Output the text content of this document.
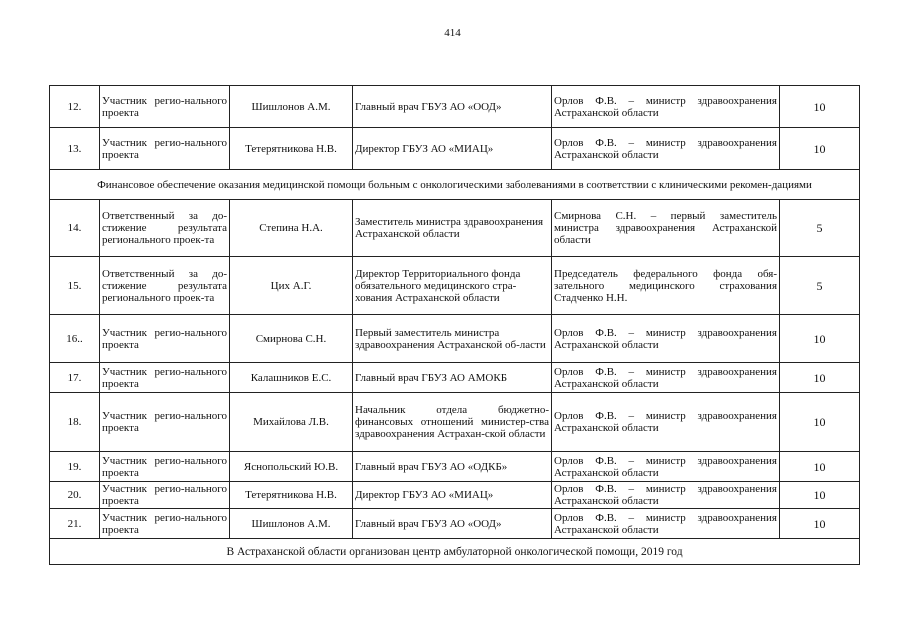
414
12.	Участник регио-нального проекта	Шишлонов А.М.	Главный врач ГБУЗ АО «ООД»	Орлов Ф.В. – министр здравоохранения Астраханской области	10
13.	Участник регио-нального проекта	Тетерятникова Н.В.	Директор ГБУЗ АО «МИАЦ»	Орлов Ф.В. – министр здравоохранения Астраханской области	10
Финансовое обеспечение оказания медицинской помощи больным с онкологическими заболеваниями в соответствии с клиническими рекомен-дациями					
14.	Ответственный за до-стижение результата регионального проек-та	Степина Н.А.	Заместитель министра здравоохранения Астраханской области	Смирнова С.Н. – первый заместитель министра здравоохранения Астраханской области	5
15.	Ответственный за до-стижение результата регионального проек-та	Цих А.Г.	Директор Территориального фонда обязательного медицинского стра-хования Астраханской области	Председатель федерального фонда обя-зательного медицинского страхования Стадченко Н.Н.	5
16..	Участник регио-нального проекта	Смирнова С.Н.	Первый заместитель министра здравоохранения Астраханской об-ласти	Орлов Ф.В. – министр здравоохранения Астраханской области	10
17.	Участник регио-нального проекта	Калашников Е.С.	Главный врач ГБУЗ АО АМОКБ	Орлов Ф.В. – министр здравоохранения Астраханской области	10
18.	Участник регио-нального проекта	Михайлова Л.В.	Начальник отдела бюджетно-финансовых отношений министер-ства здравоохранения Астрахан-ской области	Орлов Ф.В. – министр здравоохранения Астраханской области	10
19.	Участник регио-нального проекта	Яснопольский Ю.В.	Главный врач ГБУЗ АО «ОДКБ»	Орлов Ф.В. – министр здравоохранения Астраханской области	10
20.	Участник регио-нального проекта	Тетерятникова Н.В.	Директор ГБУЗ АО «МИАЦ»	Орлов Ф.В. – министр здравоохранения Астраханской области	10
21.	Участник регио-нального проекта	Шишлонов А.М.	Главный врач ГБУЗ АО «ООД»	Орлов Ф.В. – министр здравоохранения Астраханской области	10
В Астраханской области организован центр амбулаторной онкологической помощи, 2019 год					
